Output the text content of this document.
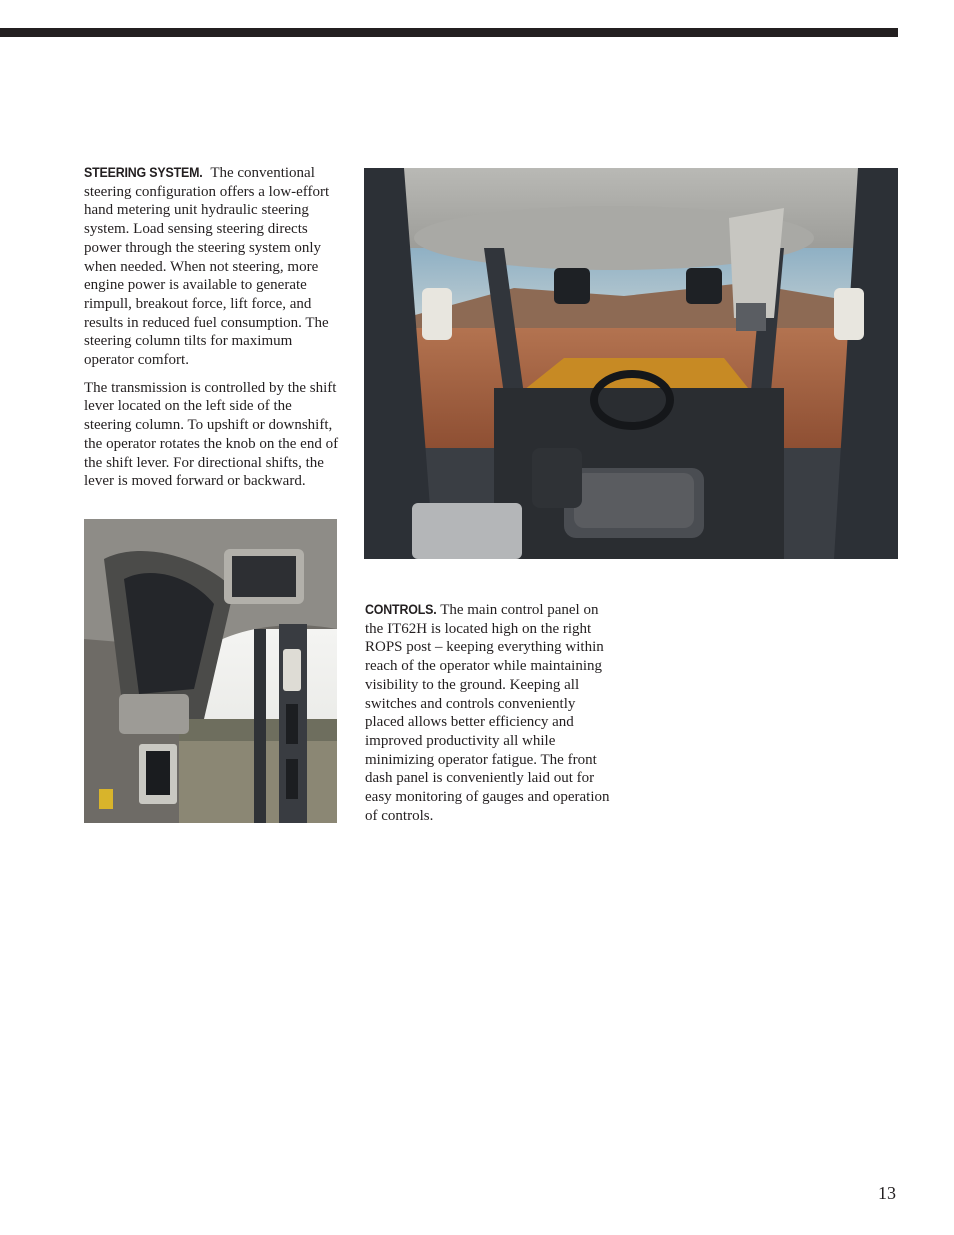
STEERING SYSTEM. The conventional steering configuration offers a low-effort hand metering unit hydraulic steering system. Load sensing steering directs power through the steering system only when needed. When not steering, more engine power is available to generate rimpull, breakout force, lift force, and results in reduced fuel consumption. The steering column tilts for maximum operator comfort.

The transmission is controlled by the shift lever located on the left side of the steering column. To upshift or downshift, the operator rotates the knob on the end of the shift lever. For directional shifts, the lever is moved forward or backward.

CONTROLS. The main control panel on the IT62H is located high on the right ROPS post – keeping everything within reach of the operator while maintaining visibility to the ground. Keeping all switches and controls conveniently placed allows better efficiency and improved productivity all while minimizing operator fatigue. The front dash panel is conveniently laid out for easy monitoring of gauges and operation of controls.

13
